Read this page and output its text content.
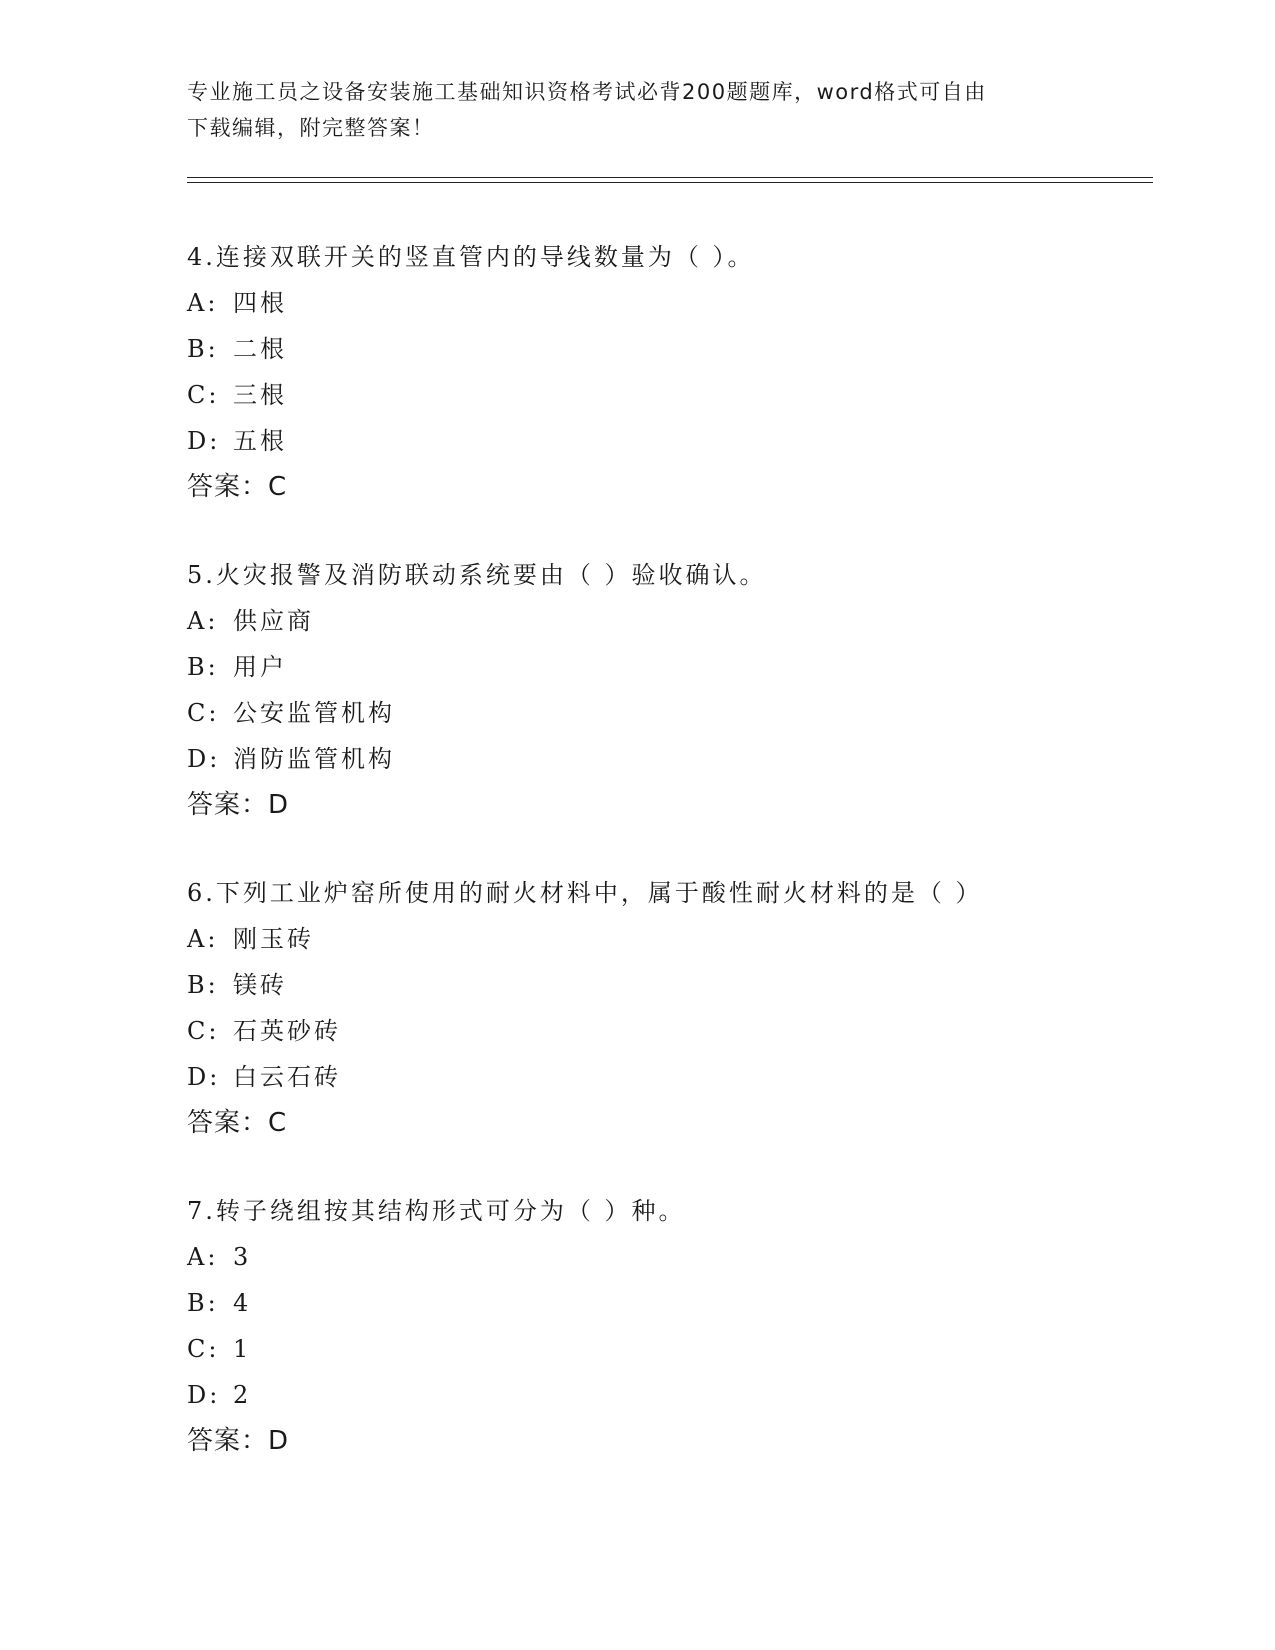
专业施工员之设备安装施工基础知识资格考试必背200题题库，word格式可自由
下载编辑，附完整答案！
4.连接双联开关的竖直管内的导线数量为（ ）。
A: 四根
B: 二根
C: 三根
D: 五根
答案：C
5.火灾报警及消防联动系统要由（ ）验收确认。
A: 供应商
B: 用户
C: 公安监管机构
D: 消防监管机构
答案：D
6.下列工业炉窑所使用的耐火材料中，属于酸性耐火材料的是（ ）
A: 刚玉砖
B: 镁砖
C: 石英砂砖
D: 白云石砖
答案：C
7.转子绕组按其结构形式可分为（ ）种。
A: 3
B: 4
C: 1
D: 2
答案：D
